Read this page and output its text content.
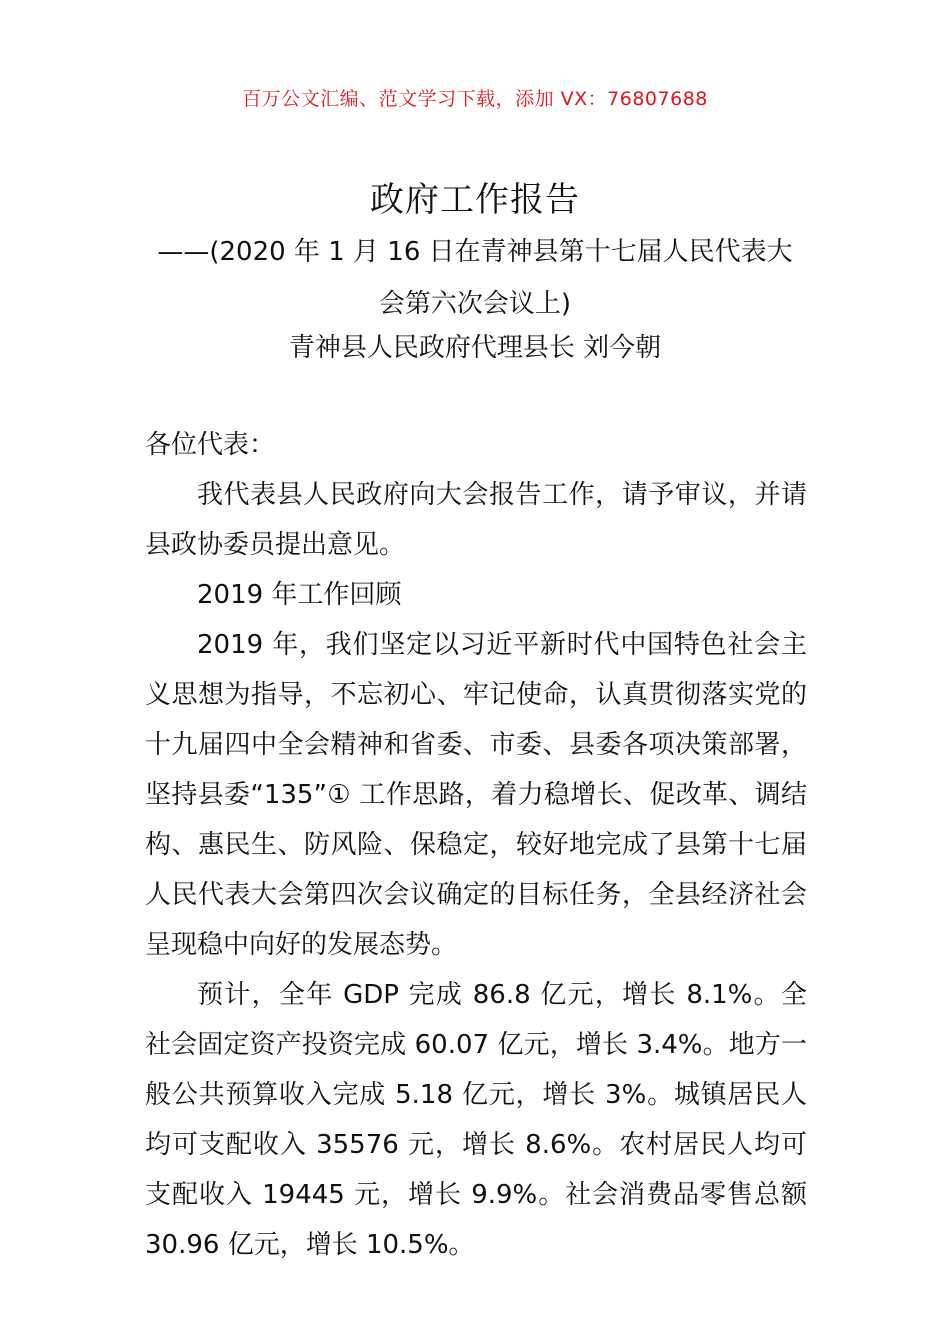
百万公文汇编、范文学习下载，添加 VX：76807688
政府工作报告
——(2020 年 1 月 16 日在青神县第十七届人民代表大会第六次会议上)
青神县人民政府代理县长 刘今朝

各位代表：

我代表县人民政府向大会报告工作，请予审议，并请县政协委员提出意见。

2019 年工作回顾

2019 年，我们坚定以习近平新时代中国特色社会主义思想为指导，不忘初心、牢记使命，认真贯彻落实党的十九届四中全会精神和省委、市委、县委各项决策部署，坚持县委“135”① 工作思路，着力稳增长、促改革、调结构、惠民生、防风险、保稳定，较好地完成了县第十七届人民代表大会第四次会议确定的目标任务，全县经济社会呈现稳中向好的发展态势。

预计，全年 GDP 完成 86.8 亿元，增长 8.1%。全社会固定资产投资完成 60.07 亿元，增长 3.4%。地方一般公共预算收入完成 5.18 亿元，增长 3%。城镇居民人均可支配收入 35576 元，增长 8.6%。农村居民人均可支配收入 19445 元，增长 9.9%。社会消费品零售总额 30.96 亿元，增长 10.5%。
